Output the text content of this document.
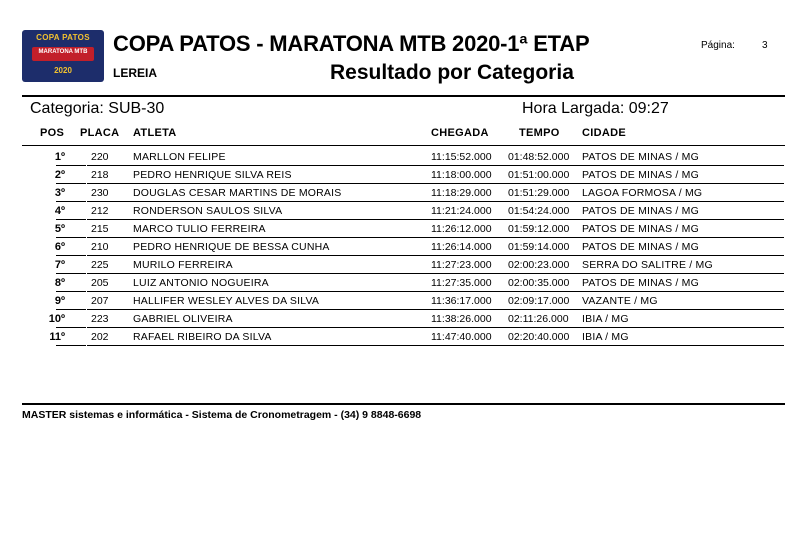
COPA PATOS
MARATONA MTB
2020
COPA PATOS - MARATONA MTB 2020-1ª ETAP	Página:	3
LEREIA	Resultado por Categoria
Categoria: SUB-30	Hora Largada: 09:27
POS PLACA ATLETA	CHEGADA	TEMPO CIDADE
1º 220 MARLLON FELIPE	11:15:52.000 01:48:52.000 PATOS DE MINAS / MG
2º 218 PEDRO HENRIQUE SILVA REIS	11:18:00.000 01:51:00.000 PATOS DE MINAS / MG
3º 230 DOUGLAS CESAR MARTINS DE MORAIS	11:18:29.000 01:51:29.000 LAGOA FORMOSA / MG
4º 212 RONDERSON SAULOS SILVA	11:21:24.000 01:54:24.000 PATOS DE MINAS / MG
5º 215 MARCO TULIO FERREIRA	11:26:12.000 01:59:12.000 PATOS DE MINAS / MG
6º 210 PEDRO HENRIQUE DE BESSA CUNHA	11:26:14.000 01:59:14.000 PATOS DE MINAS / MG
7º 225 MURILO FERREIRA	11:27:23.000 02:00:23.000 SERRA DO SALITRE / MG
8º 205 LUIZ ANTONIO NOGUEIRA	11:27:35.000 02:00:35.000 PATOS DE MINAS / MG
9º 207 HALLIFER WESLEY ALVES DA SILVA	11:36:17.000 02:09:17.000 VAZANTE / MG
10º 223 GABRIEL OLIVEIRA	11:38:26.000 02:11:26.000 IBIA / MG
11º 202 RAFAEL RIBEIRO DA SILVA	11:47:40.000 02:20:40.000 IBIA / MG
MASTER sistemas e informática - Sistema de Cronometragem - (34) 9 8848-6698
